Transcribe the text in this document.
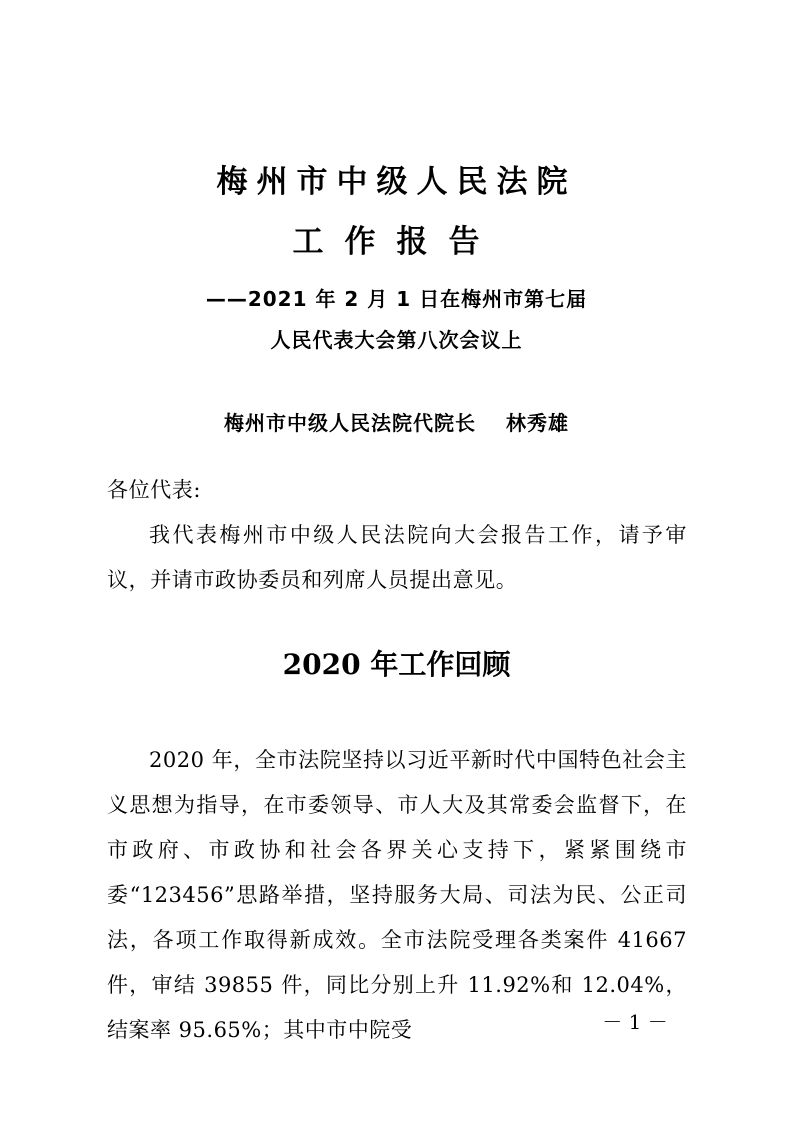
梅州市中级人民法院
工作报告
——2021 年 2 月 1 日在梅州市第七届
人民代表大会第八次会议上
梅州市中级人民法院代院长 林秀雄

各位代表:

我代表梅州市中级人民法院向大会报告工作，请予审议，并请市政协委员和列席人员提出意见。

2020 年工作回顾

2020 年，全市法院坚持以习近平新时代中国特色社会主义思想为指导，在市委领导、市人大及其常委会监督下，在市政府、市政协和社会各界关心支持下，紧紧围绕市委“123456”思路举措，坚持服务大局、司法为民、公正司法，各项工作取得新成效。全市法院受理各类案件 41667 件，审结 39855 件，同比分别上升 11.92%和 12.04%，结案率 95.65%；其中市中院受	－ 1 －
